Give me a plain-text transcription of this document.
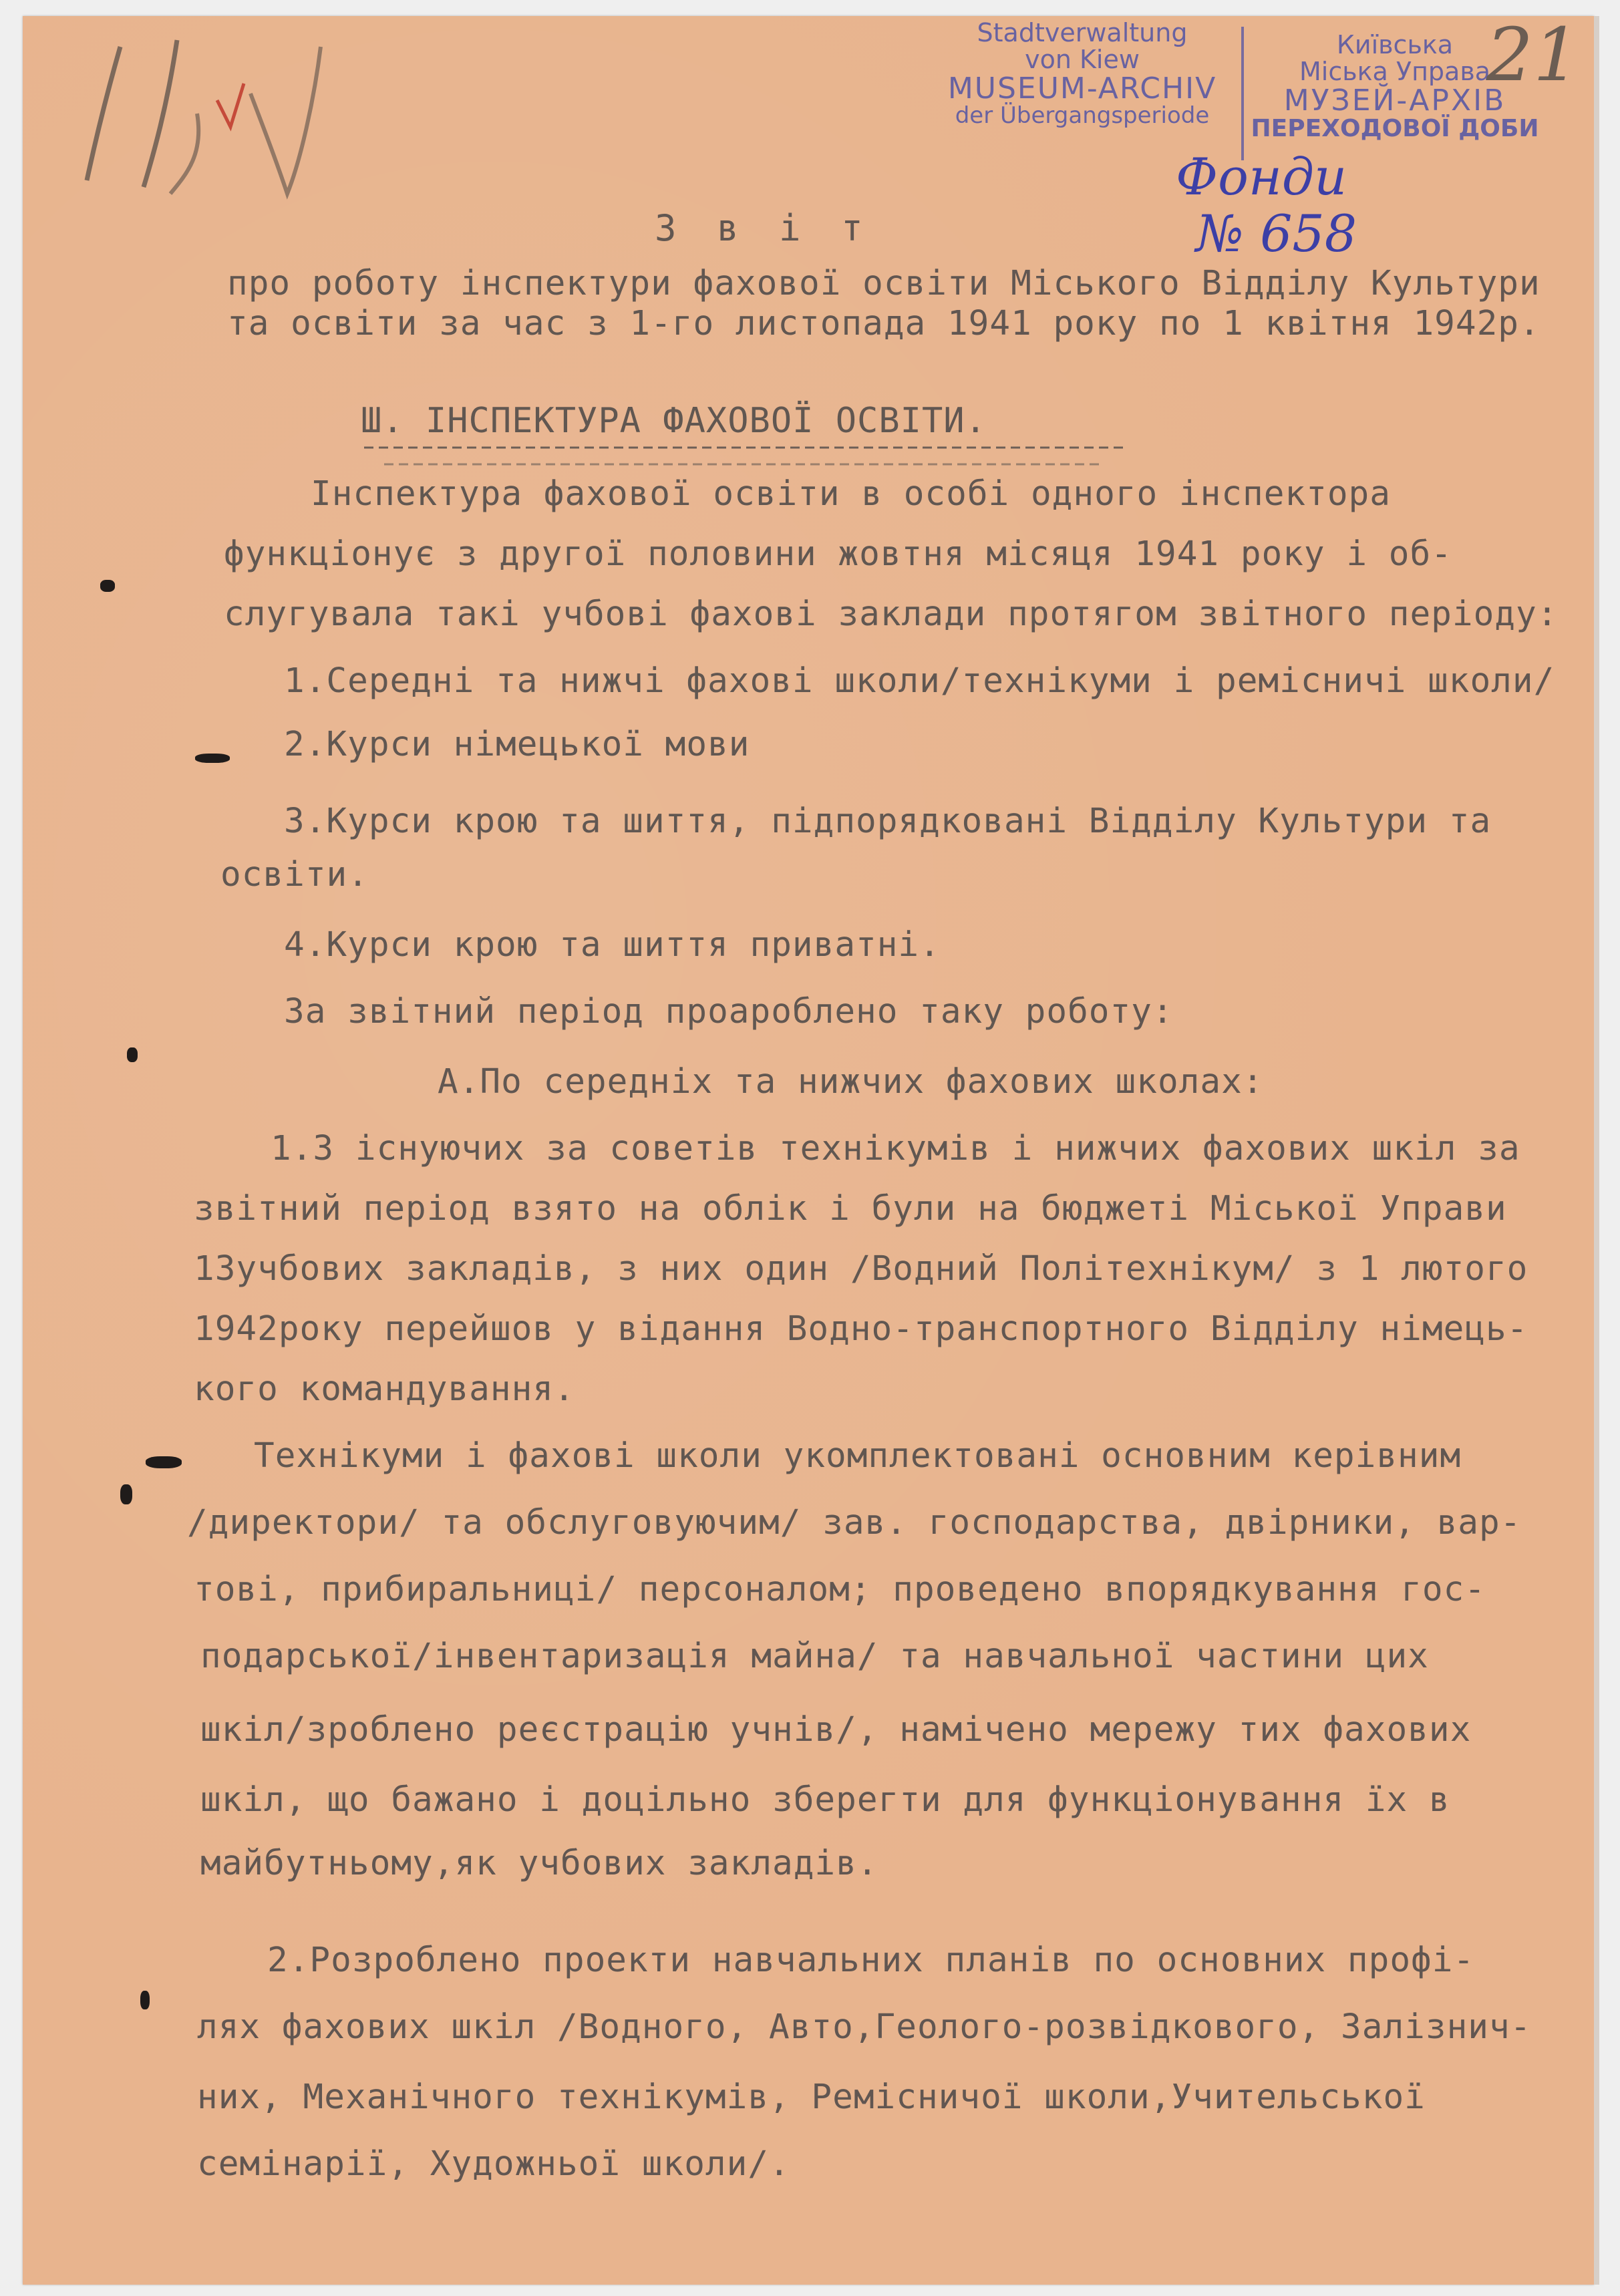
Stadtverwaltung
von Kiew
MUSEUM-ARCHIV
der Übergangsperiode
Київська
Міська Управа
МУЗЕЙ-АРХІВ
ПЕРЕХОДОВОЇ ДОБИ
21
Фонди
№ 658
З в і т
про роботу інспектури фахової освіти Міського Відділу Культури
та освіти за час з 1-го листопада 1941 року по 1 квітня 1942р.
Ш. ІНСПЕКТУРА ФАХОВОЇ ОСВІТИ.
Інспектура фахової освіти в особі одного інспектора
функціонує з другої половини жовтня місяця 1941 року і об-
слугувала такі учбові фахові заклади протягом звітного періоду:
1.Середні та нижчі фахові школи/технікуми і ремісничі школи/
2.Курси німецької мови
3.Курси крою та шиття, підпорядковані Відділу Культури та
освіти.
4.Курси крою та шиття приватні.
За звітний період проароблено таку роботу:
А.По середніх та нижчих фахових школах:
1.З існуючих за советів технікумів і нижчих фахових шкіл за
звітний період взято на облік і були на бюджеті Міської Управи
13учбових закладів, з них один /Водний Політехнікум/ з 1 лютого
1942року перейшов у відання Водно-транспортного Відділу німець-
кого командування.
Технікуми і фахові школи укомплектовані основним керівним
/директори/ та обслуговуючим/ зав. господарства, двірники, вар-
тові, прибиральниці/ персоналом; проведено впорядкування гос-
подарської/інвентаризація майна/ та навчальної частини цих
шкіл/зроблено реєстрацію учнів/, намічено мережу тих фахових
шкіл, що бажано і доцільно зберегти для функціонування їх в
майбутньому,як учбових закладів.
2.Розроблено проекти навчальних планів по основних профі-
лях фахових шкіл /Водного, Авто,Геолого-розвідкового, Залізнич-
них, Механічного технікумів, Ремісничої школи,Учительської
семінарії, Художньої школи/.
